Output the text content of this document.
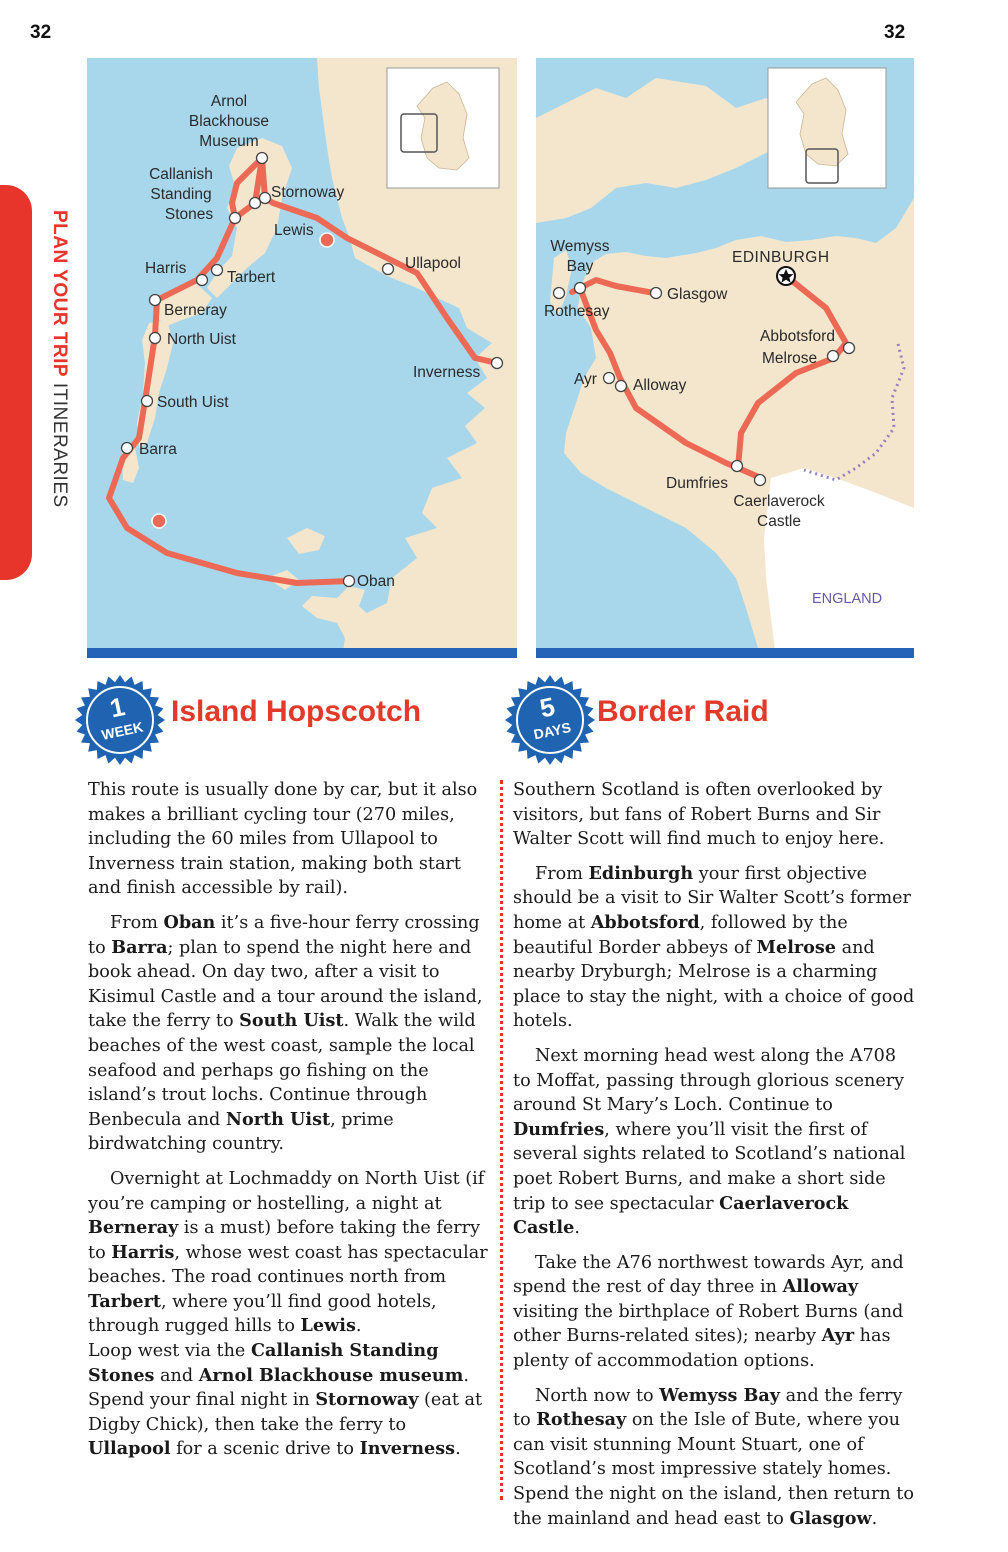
32	32
PLAN YOUR TRIP ITINERARIES
Arnol
Blackhouse
Museum
Callanish
Standing
Stones
Stornoway
Lewis
Ullapool
Harris
Tarbert
Berneray
North Uist
Inverness
South Uist
Barra
Oban
Wemyss
Bay
EDINBURGH
Glasgow
Rothesay
Abbotsford
Melrose
Ayr Alloway
Dumfries
Caerlaverock
Castle
ENGLAND
1
WEEK
Island Hopscotch	5
DAYS
Border Raid

This route is usually done by car, but it also makes a brilliant cycling tour (270 miles, including the 60 miles from Ullapool to Inverness train station, making both start and finish accessible by rail).

From Oban it’s a five-hour ferry crossing to Barra; plan to spend the night here and book ahead. On day two, after a visit to Kisimul Castle and a tour around the island, take the ferry to South Uist. Walk the wild beaches of the west coast, sample the local seafood and perhaps go fishing on the island’s trout lochs. Continue through Benbecula and North Uist, prime birdwatching country.

Overnight at Lochmaddy on North Uist (if you’re camping or hostelling, a night at Berneray is a must) before taking the ferry to Harris, whose west coast has spectacular beaches. The road continues north from Tarbert, where you’ll find good hotels, through rugged hills to Lewis.

Loop west via the Callanish Standing Stones and Arnol Blackhouse museum. Spend your final night in Stornoway (eat at Digby Chick), then take the ferry to Ullapool for a scenic drive to Inverness.

Southern Scotland is often overlooked by visitors, but fans of Robert Burns and Sir Walter Scott will find much to enjoy here.

From Edinburgh your first objective should be a visit to Sir Walter Scott’s former home at Abbotsford, followed by the beautiful Border abbeys of Melrose and nearby Dryburgh; Melrose is a charming place to stay the night, with a choice of good hotels.

Next morning head west along the A708 to Moffat, passing through glorious scenery around St Mary’s Loch. Continue to Dumfries, where you’ll visit the first of several sights related to Scotland’s national poet Robert Burns, and make a short side trip to see spectacular Caerlaverock Castle.

Take the A76 northwest towards Ayr, and spend the rest of day three in Alloway visiting the birthplace of Robert Burns (and other Burns-related sites); nearby Ayr has plenty of accommodation options.

North now to Wemyss Bay and the ferry to Rothesay on the Isle of Bute, where you can visit stunning Mount Stuart, one of Scotland’s most impressive stately homes. Spend the night on the island, then return to the mainland and head east to Glasgow.
